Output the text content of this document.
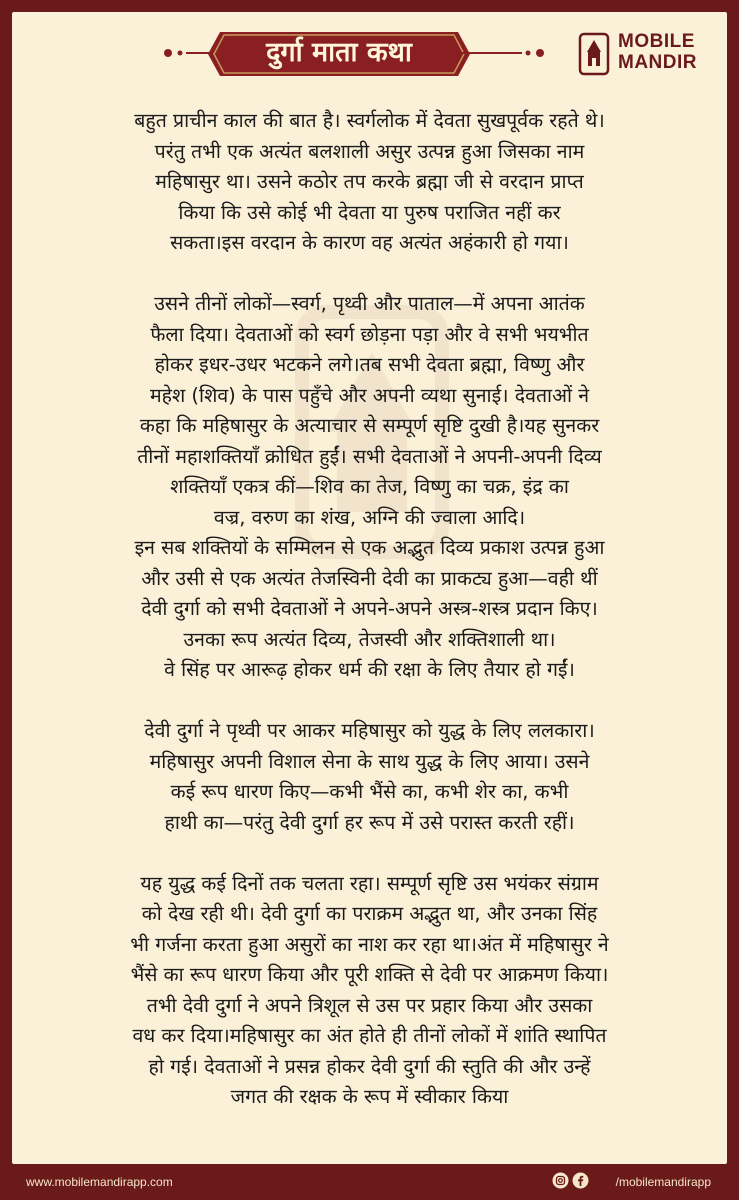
दुर्गा माता कथा	MOBILE
MANDIR
बहुत प्राचीन काल की बात है। स्वर्गलोक में देवता सुखपूर्वक रहते थे।
परंतु तभी एक अत्यंत बलशाली असुर उत्पन्न हुआ जिसका नाम
महिषासुर था। उसने कठोर तप करके ब्रह्मा जी से वरदान प्राप्त
किया कि उसे कोई भी देवता या पुरुष पराजित नहीं कर
सकता।इस वरदान के कारण वह अत्यंत अहंकारी हो गया।
उसने तीनों लोकों—स्वर्ग, पृथ्वी और पाताल—में अपना आतंक
फैला दिया। देवताओं को स्वर्ग छोड़ना पड़ा और वे सभी भयभीत
होकर इधर-उधर भटकने लगे।तब सभी देवता ब्रह्मा, विष्णु और
महेश (शिव) के पास पहुँचे और अपनी व्यथा सुनाई। देवताओं ने
कहा कि महिषासुर के अत्याचार से सम्पूर्ण सृष्टि दुखी है।यह सुनकर
तीनों महाशक्तियाँ क्रोधित हुईं। सभी देवताओं ने अपनी-अपनी दिव्य
शक्तियाँ एकत्र कीं—शिव का तेज, विष्णु का चक्र, इंद्र का
वज्र, वरुण का शंख, अग्नि की ज्वाला आदि।
इन सब शक्तियों के सम्मिलन से एक अद्भुत दिव्य प्रकाश उत्पन्न हुआ
और उसी से एक अत्यंत तेजस्विनी देवी का प्राकट्य हुआ—वही थीं
देवी दुर्गा को सभी देवताओं ने अपने-अपने अस्त्र-शस्त्र प्रदान किए।
उनका रूप अत्यंत दिव्य, तेजस्वी और शक्तिशाली था।
वे सिंह पर आरूढ़ होकर धर्म की रक्षा के लिए तैयार हो गईं।
देवी दुर्गा ने पृथ्वी पर आकर महिषासुर को युद्ध के लिए ललकारा।
महिषासुर अपनी विशाल सेना के साथ युद्ध के लिए आया। उसने
कई रूप धारण किए—कभी भैंसे का, कभी शेर का, कभी
हाथी का—परंतु देवी दुर्गा हर रूप में उसे परास्त करती रहीं।
यह युद्ध कई दिनों तक चलता रहा। सम्पूर्ण सृष्टि उस भयंकर संग्राम
को देख रही थी। देवी दुर्गा का पराक्रम अद्भुत था, और उनका सिंह
भी गर्जना करता हुआ असुरों का नाश कर रहा था।अंत में महिषासुर ने
भैंसे का रूप धारण किया और पूरी शक्ति से देवी पर आक्रमण किया।
तभी देवी दुर्गा ने अपने त्रिशूल से उस पर प्रहार किया और उसका
वध कर दिया।महिषासुर का अंत होते ही तीनों लोकों में शांति स्थापित
हो गई। देवताओं ने प्रसन्न होकर देवी दुर्गा की स्तुति की और उन्हें
जगत की रक्षक के रूप में स्वीकार किया
www.mobilemandirapp.com	/mobilemandirapp
